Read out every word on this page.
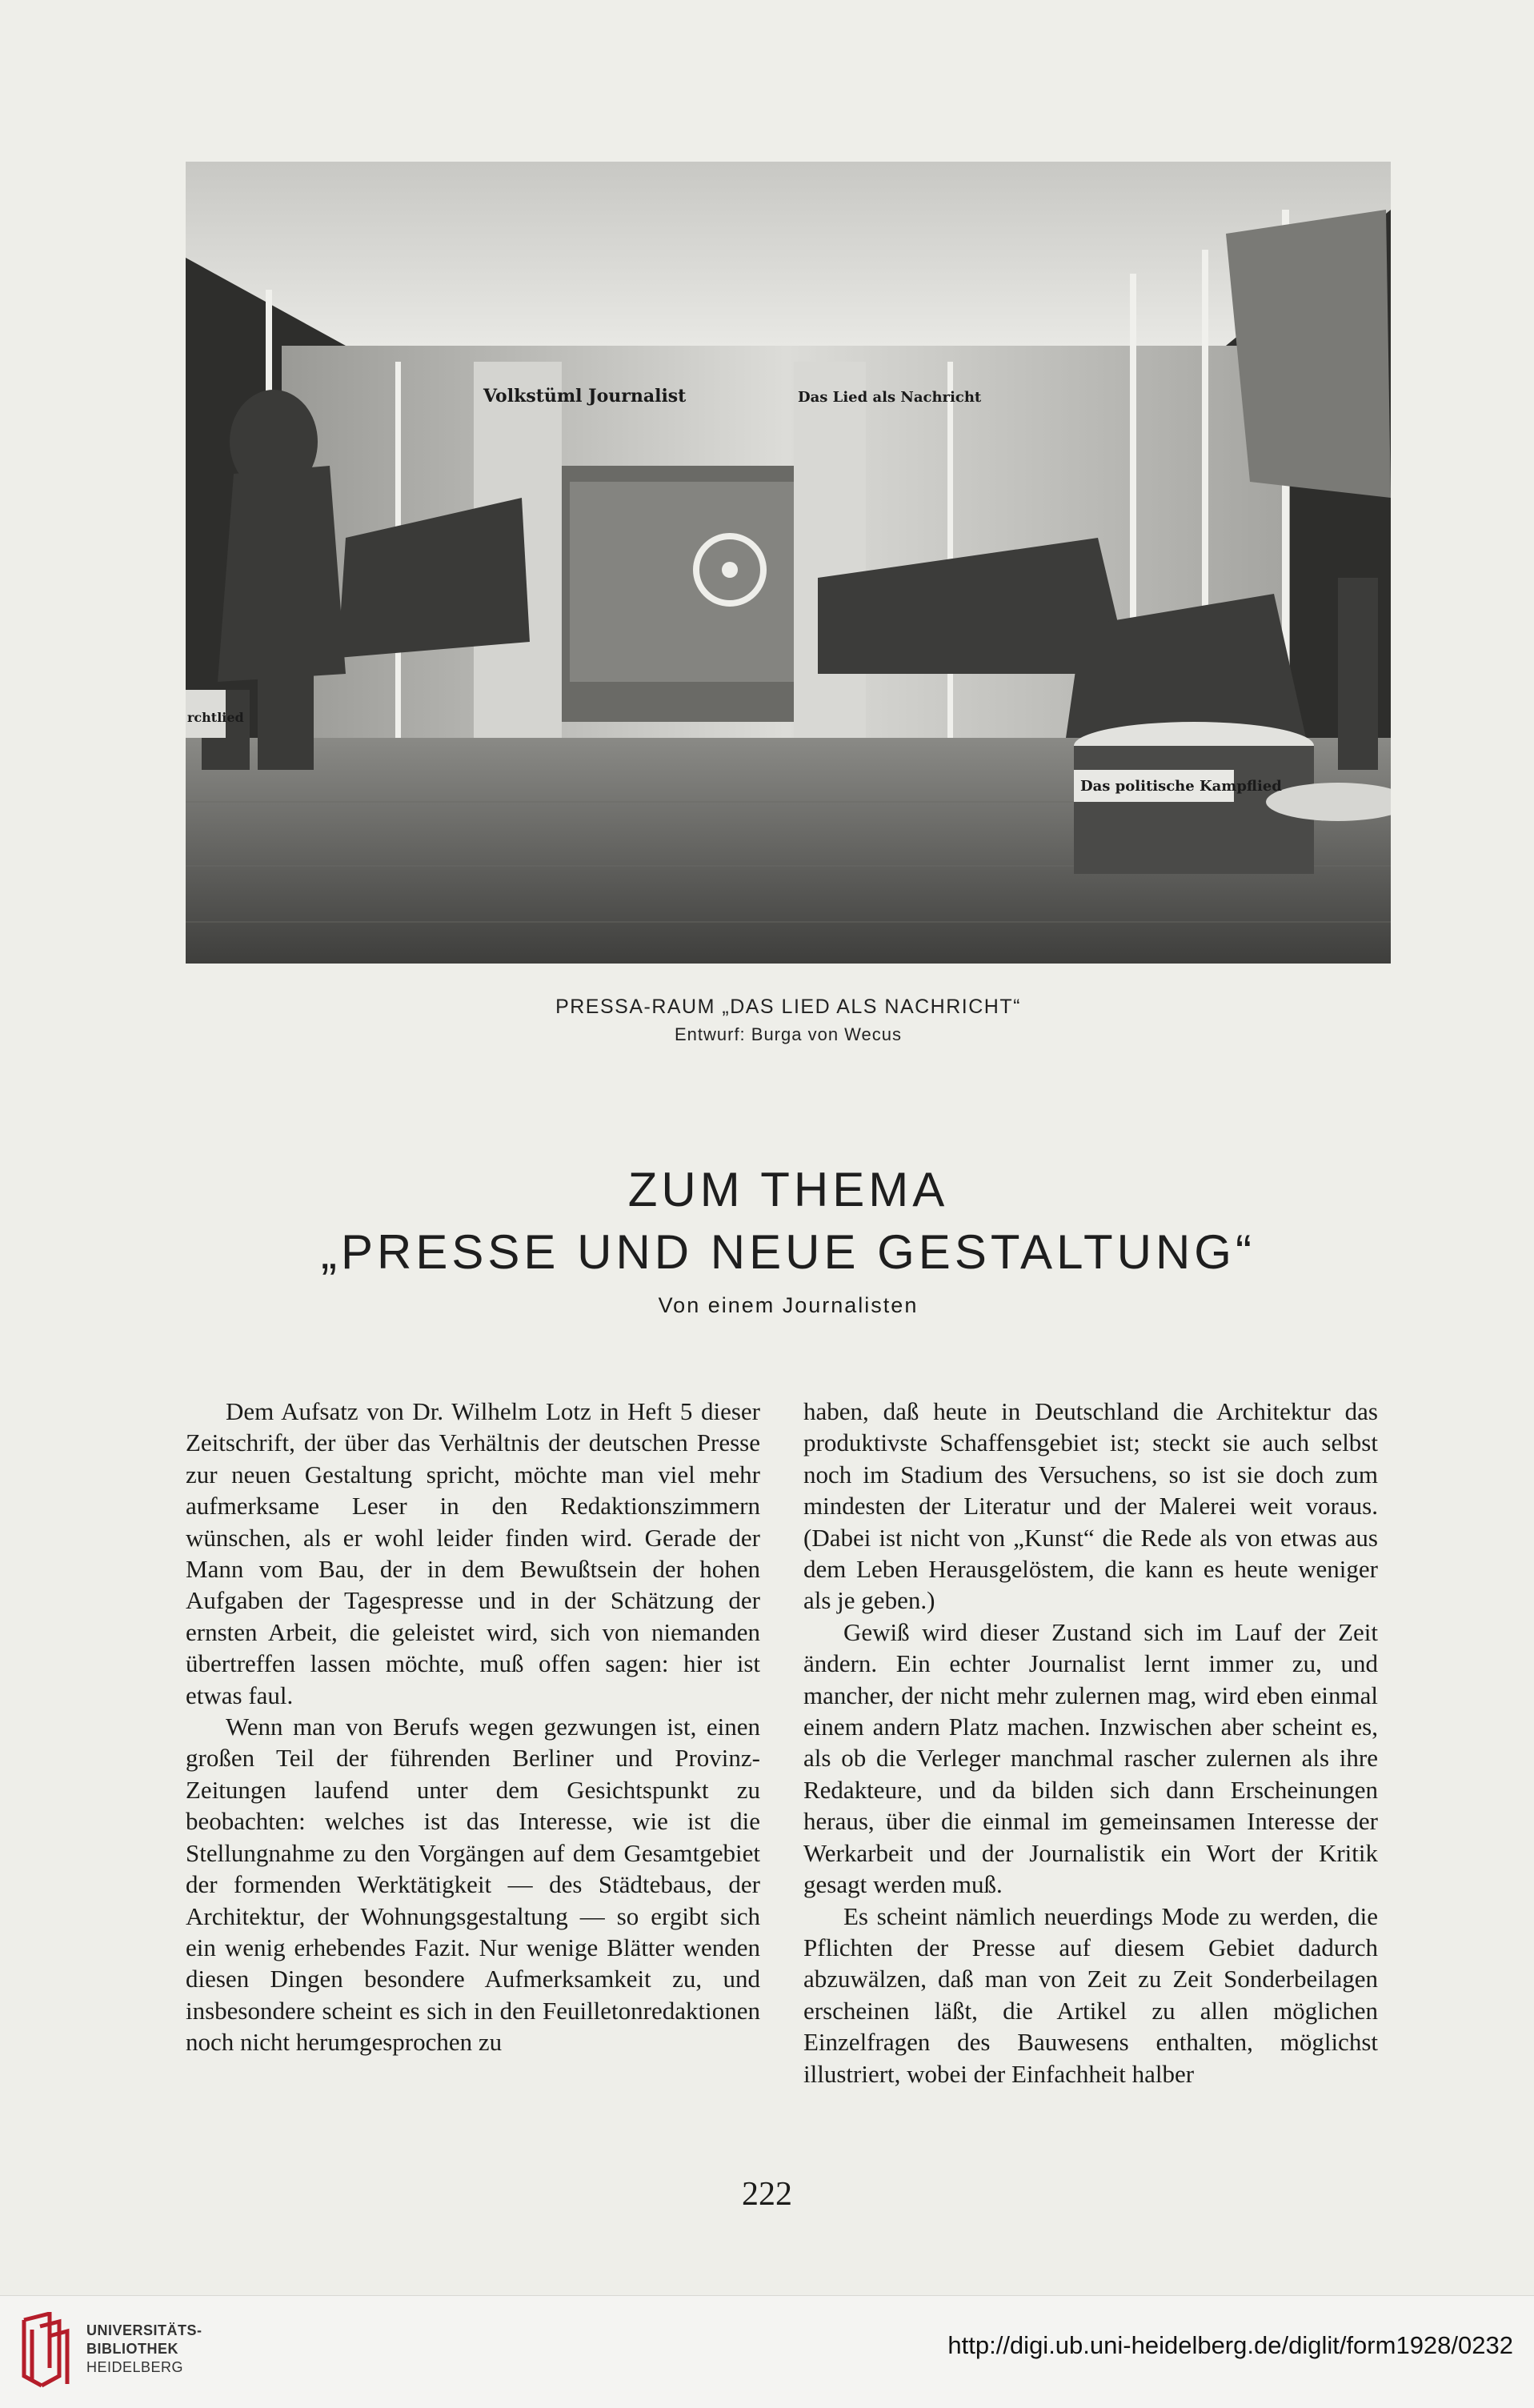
Volkstüml Journalist	Das Lied als Nachricht
Das politische Kampflied
rchtlied
PRESSA-RAUM „DAS LIED ALS NACHRICHT“
Entwurf: Burga von Wecus
ZUM THEMA
„PRESSE UND NEUE GESTALTUNG“
Von einem Journalisten

Dem Aufsatz von Dr. Wilhelm Lotz in Heft 5 dieser Zeitschrift, der über das Verhältnis der deutschen Presse zur neuen Gestaltung spricht, möchte man viel mehr aufmerksame Leser in den Redaktionszimmern wünschen, als er wohl leider finden wird. Gerade der Mann vom Bau, der in dem Bewußtsein der hohen Aufgaben der Tagespresse und in der Schätzung der ernsten Arbeit, die geleistet wird, sich von niemanden übertreffen lassen möchte, muß offen sagen: hier ist etwas faul.

Wenn man von Berufs wegen gezwungen ist, einen großen Teil der führenden Berliner und Provinz-Zeitungen laufend unter dem Gesichtspunkt zu beobachten: welches ist das Interesse, wie ist die Stellungnahme zu den Vorgängen auf dem Gesamtgebiet der formenden Werktätigkeit — des Städtebaus, der Architektur, der Wohnungsgestaltung — so ergibt sich ein wenig erhebendes Fazit. Nur wenige Blätter wenden diesen Dingen besondere Aufmerksamkeit zu, und insbesondere scheint es sich in den Feuilletonredaktionen noch nicht herumgesprochen zu

haben, daß heute in Deutschland die Architektur das produktivste Schaffensgebiet ist; steckt sie auch selbst noch im Stadium des Versuchens, so ist sie doch zum mindesten der Literatur und der Malerei weit voraus. (Dabei ist nicht von „Kunst“ die Rede als von etwas aus dem Leben Herausgelöstem, die kann es heute weniger als je geben.)

Gewiß wird dieser Zustand sich im Lauf der Zeit ändern. Ein echter Journalist lernt immer zu, und mancher, der nicht mehr zulernen mag, wird eben einmal einem andern Platz machen. Inzwischen aber scheint es, als ob die Verleger manchmal rascher zulernen als ihre Redakteure, und da bilden sich dann Erscheinungen heraus, über die einmal im gemeinsamen Interesse der Werkarbeit und der Journalistik ein Wort der Kritik gesagt werden muß.

Es scheint nämlich neuerdings Mode zu werden, die Pflichten der Presse auf diesem Gebiet dadurch abzuwälzen, daß man von Zeit zu Zeit Sonderbeilagen erscheinen läßt, die Artikel zu allen möglichen Einzelfragen des Bauwesens enthalten, möglichst illustriert, wobei der Einfachheit halber

222
UNIVERSITÄTS-
BIBLIOTHEK
HEIDELBERG
http://digi.ub.uni-heidelberg.de/diglit/form1928/0232
